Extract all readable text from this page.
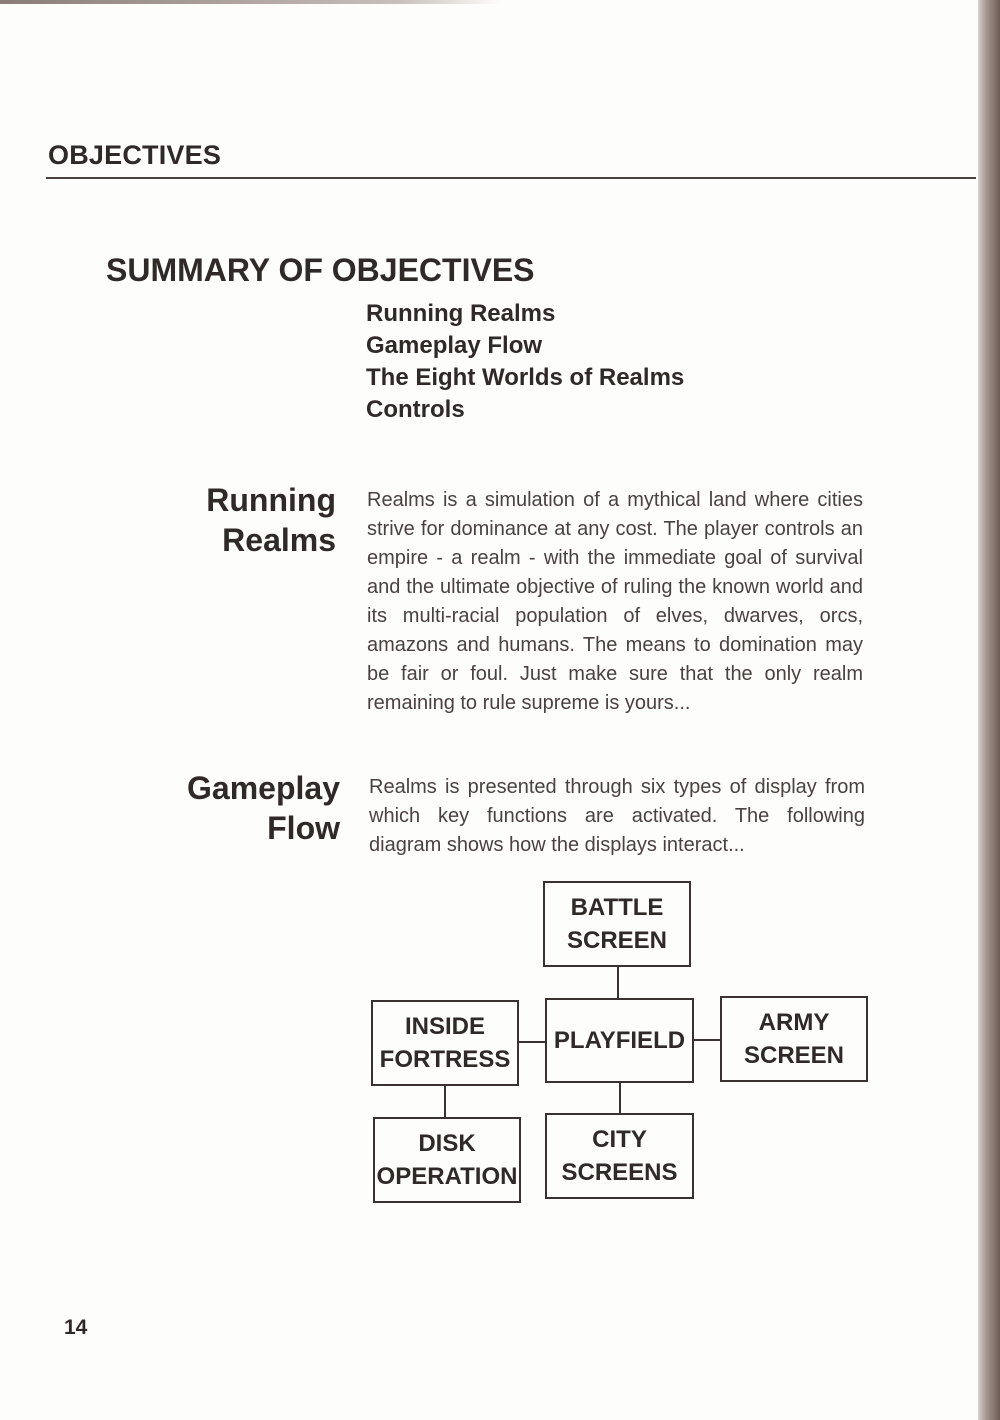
OBJECTIVES
SUMMARY OF OBJECTIVES
Running Realms
Gameplay Flow
The Eight Worlds of Realms
Controls
Running
Realms
Realms is a simulation of a mythical land where cities strive for dominance at any cost. The player controls an empire - a realm - with the immediate goal of survival and the ultimate objective of ruling the known world and its multi-racial population of elves, dwarves, orcs, amazons and humans. The means to domination may be fair or foul. Just make sure that the only realm remaining to rule supreme is yours...
Gameplay
Flow
Realms is presented through six types of display from which key functions are activated. The following diagram shows how the displays interact...
BATTLE
SCREEN
INSIDE
FORTRESS
PLAYFIELD
ARMY
SCREEN
DISK
OPERATION
CITY
SCREENS
14
